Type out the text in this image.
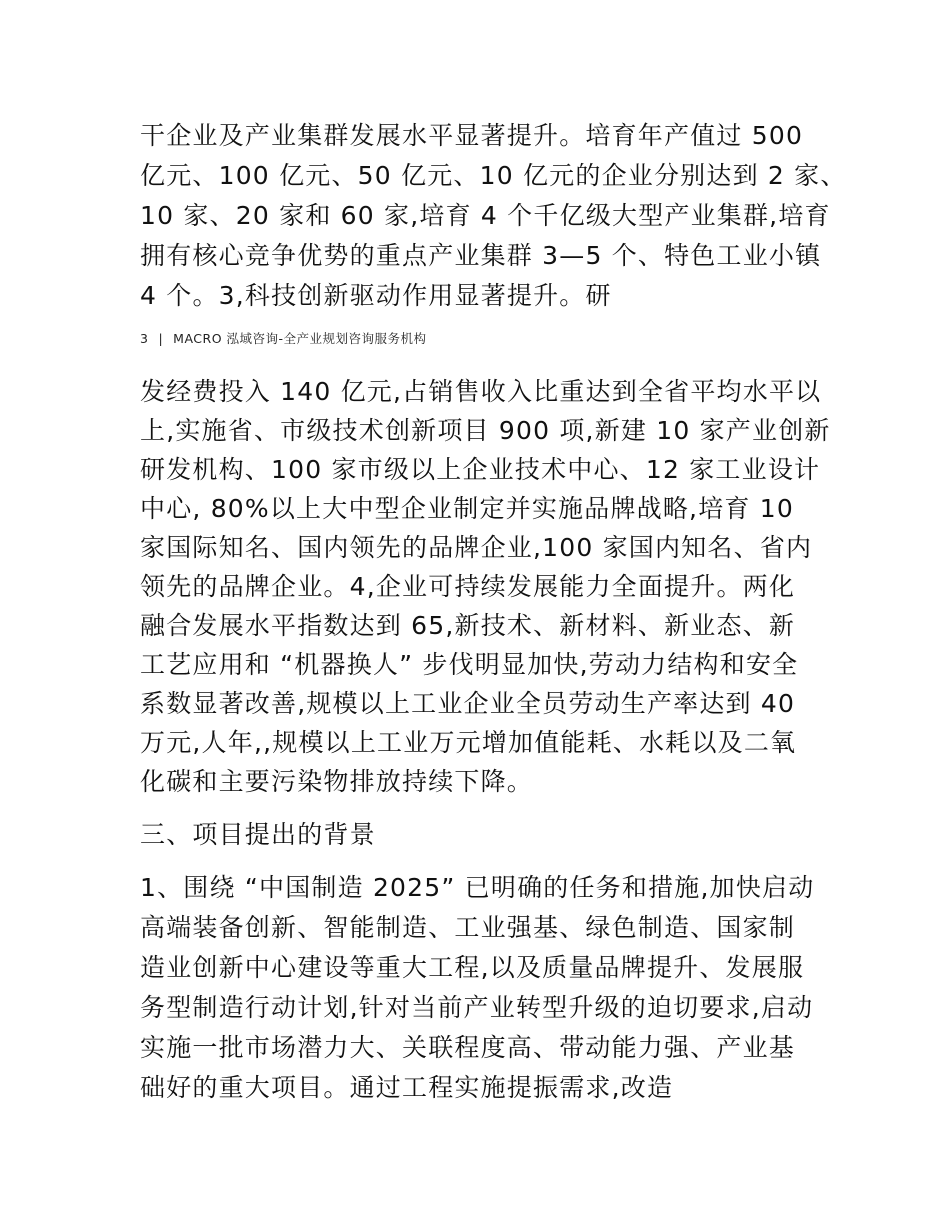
干企业及产业集群发展水平显著提升。培育年产值过 500
亿元、100 亿元、50 亿元、10 亿元的企业分别达到 2 家、
10 家、20 家和 60 家,培育 4 个千亿级大型产业集群,培育
拥有核心竞争优势的重点产业集群 3—5 个、特色工业小镇
4 个。3,科技创新驱动作用显著提升。研
3 | MACRO 泓域咨询-全产业规划咨询服务机构
发经费投入 140 亿元,占销售收入比重达到全省平均水平以
上,实施省、市级技术创新项目 900 项,新建 10 家产业创新
研发机构、100 家市级以上企业技术中心、12 家工业设计
中心, 80%以上大中型企业制定并实施品牌战略,培育 10
家国际知名、国内领先的品牌企业,100 家国内知名、省内
领先的品牌企业。4,企业可持续发展能力全面提升。两化
融合发展水平指数达到 65,新技术、新材料、新业态、新
工艺应用和 “机器换人” 步伐明显加快,劳动力结构和安全
系数显著改善,规模以上工业企业全员劳动生产率达到 40
万元,人年,,规模以上工业万元增加值能耗、水耗以及二氧
化碳和主要污染物排放持续下降。
三、项目提出的背景
1、围绕 “中国制造 2025” 已明确的任务和措施,加快启动
高端装备创新、智能制造、工业强基、绿色制造、国家制
造业创新中心建设等重大工程,以及质量品牌提升、发展服
务型制造行动计划,针对当前产业转型升级的迫切要求,启动
实施一批市场潜力大、关联程度高、带动能力强、产业基
础好的重大项目。通过工程实施提振需求,改造
